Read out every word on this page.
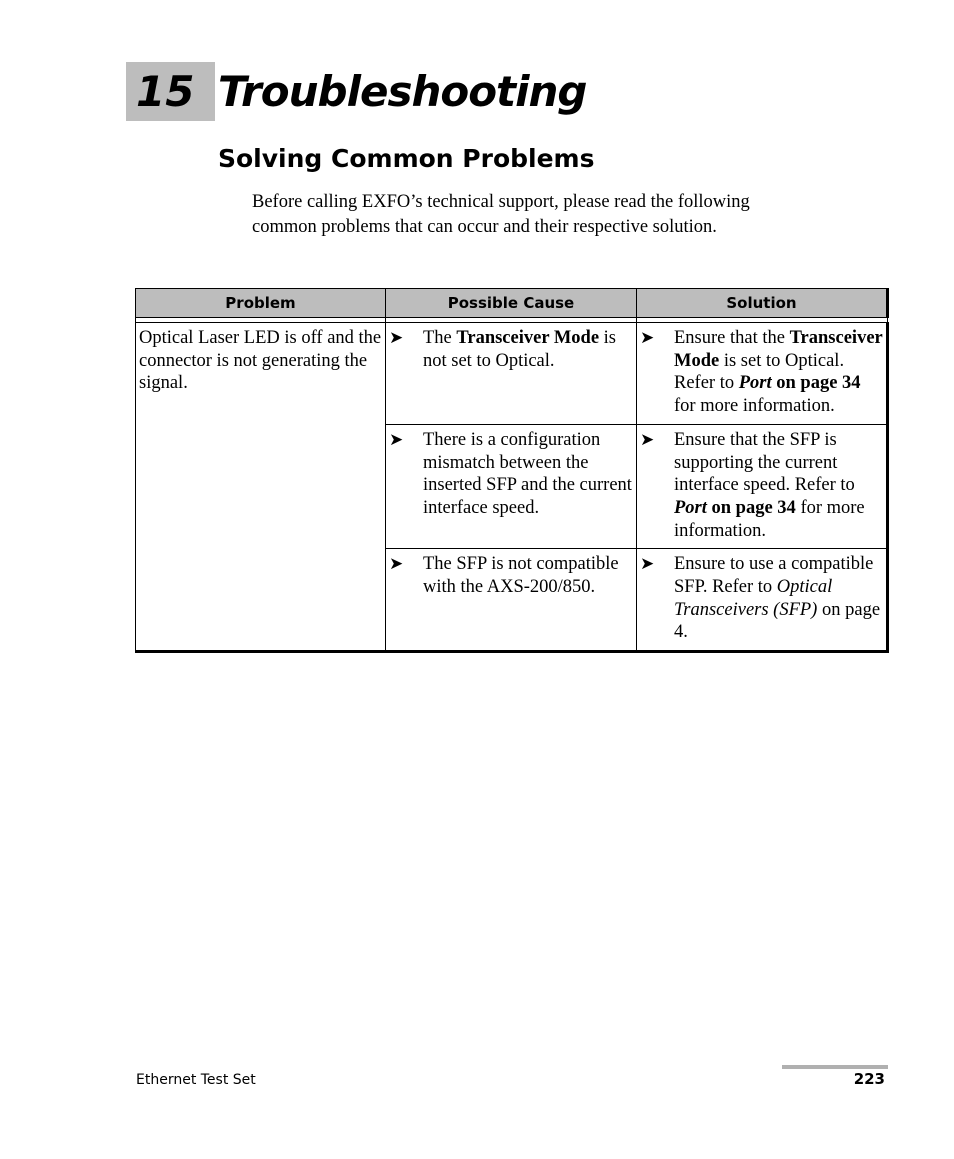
15 Troubleshooting
Solving Common Problems

Before calling EXFO’s technical support, please read the following

common problems that can occur and their respective solution.

Problem	Possible Cause	Solution

Optical Laser LED is off and the connector is not generating the signal.	➤ The Transceiver Mode is not set to Optical.	➤ Ensure that the Transceiver Mode is set to Optical. Refer to Port on page 34 for more information.

	➤ There is a configuration mismatch between the inserted SFP and the current interface speed.	➤ Ensure that the SFP is supporting the current interface speed. Refer to Port on page 34 for more information.

	➤ The SFP is not compatible with the AXS-200/850.	➤ Ensure to use a compatible SFP. Refer to Optical Transceivers (SFP) on page 4.
Ethernet Test Set	223
